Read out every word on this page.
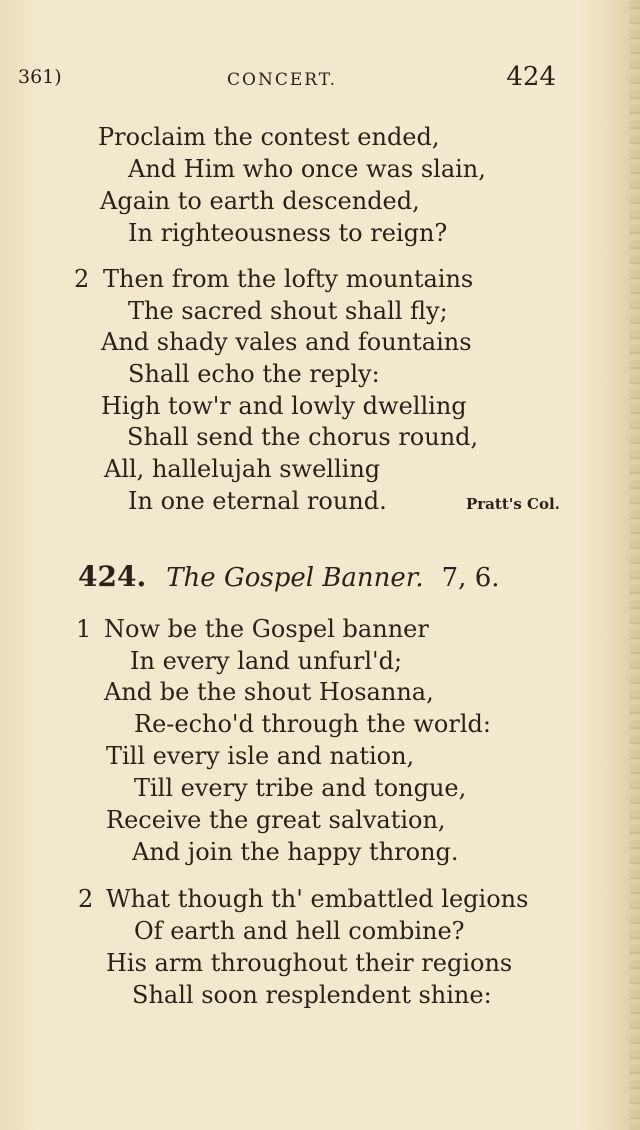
361)	CONCERT.	424
Proclaim the contest ended,
And Him who once was slain,
Again to earth descended,
In righteousness to reign?
2 Then from the lofty mountains
The sacred shout shall fly;
And shady vales and fountains
Shall echo the reply:
High tow'r and lowly dwelling
Shall send the chorus round,
All, hallelujah swelling
In one eternal round.	Pratt's Col.
424. The Gospel Banner. 7, 6.
1 Now be the Gospel banner
In every land unfurl'd;
And be the shout Hosanna,
Re-echo'd through the world:
Till every isle and nation,
Till every tribe and tongue,
Receive the great salvation,
And join the happy throng.
2 What though th' embattled legions
Of earth and hell combine?
His arm throughout their regions
Shall soon resplendent shine:
